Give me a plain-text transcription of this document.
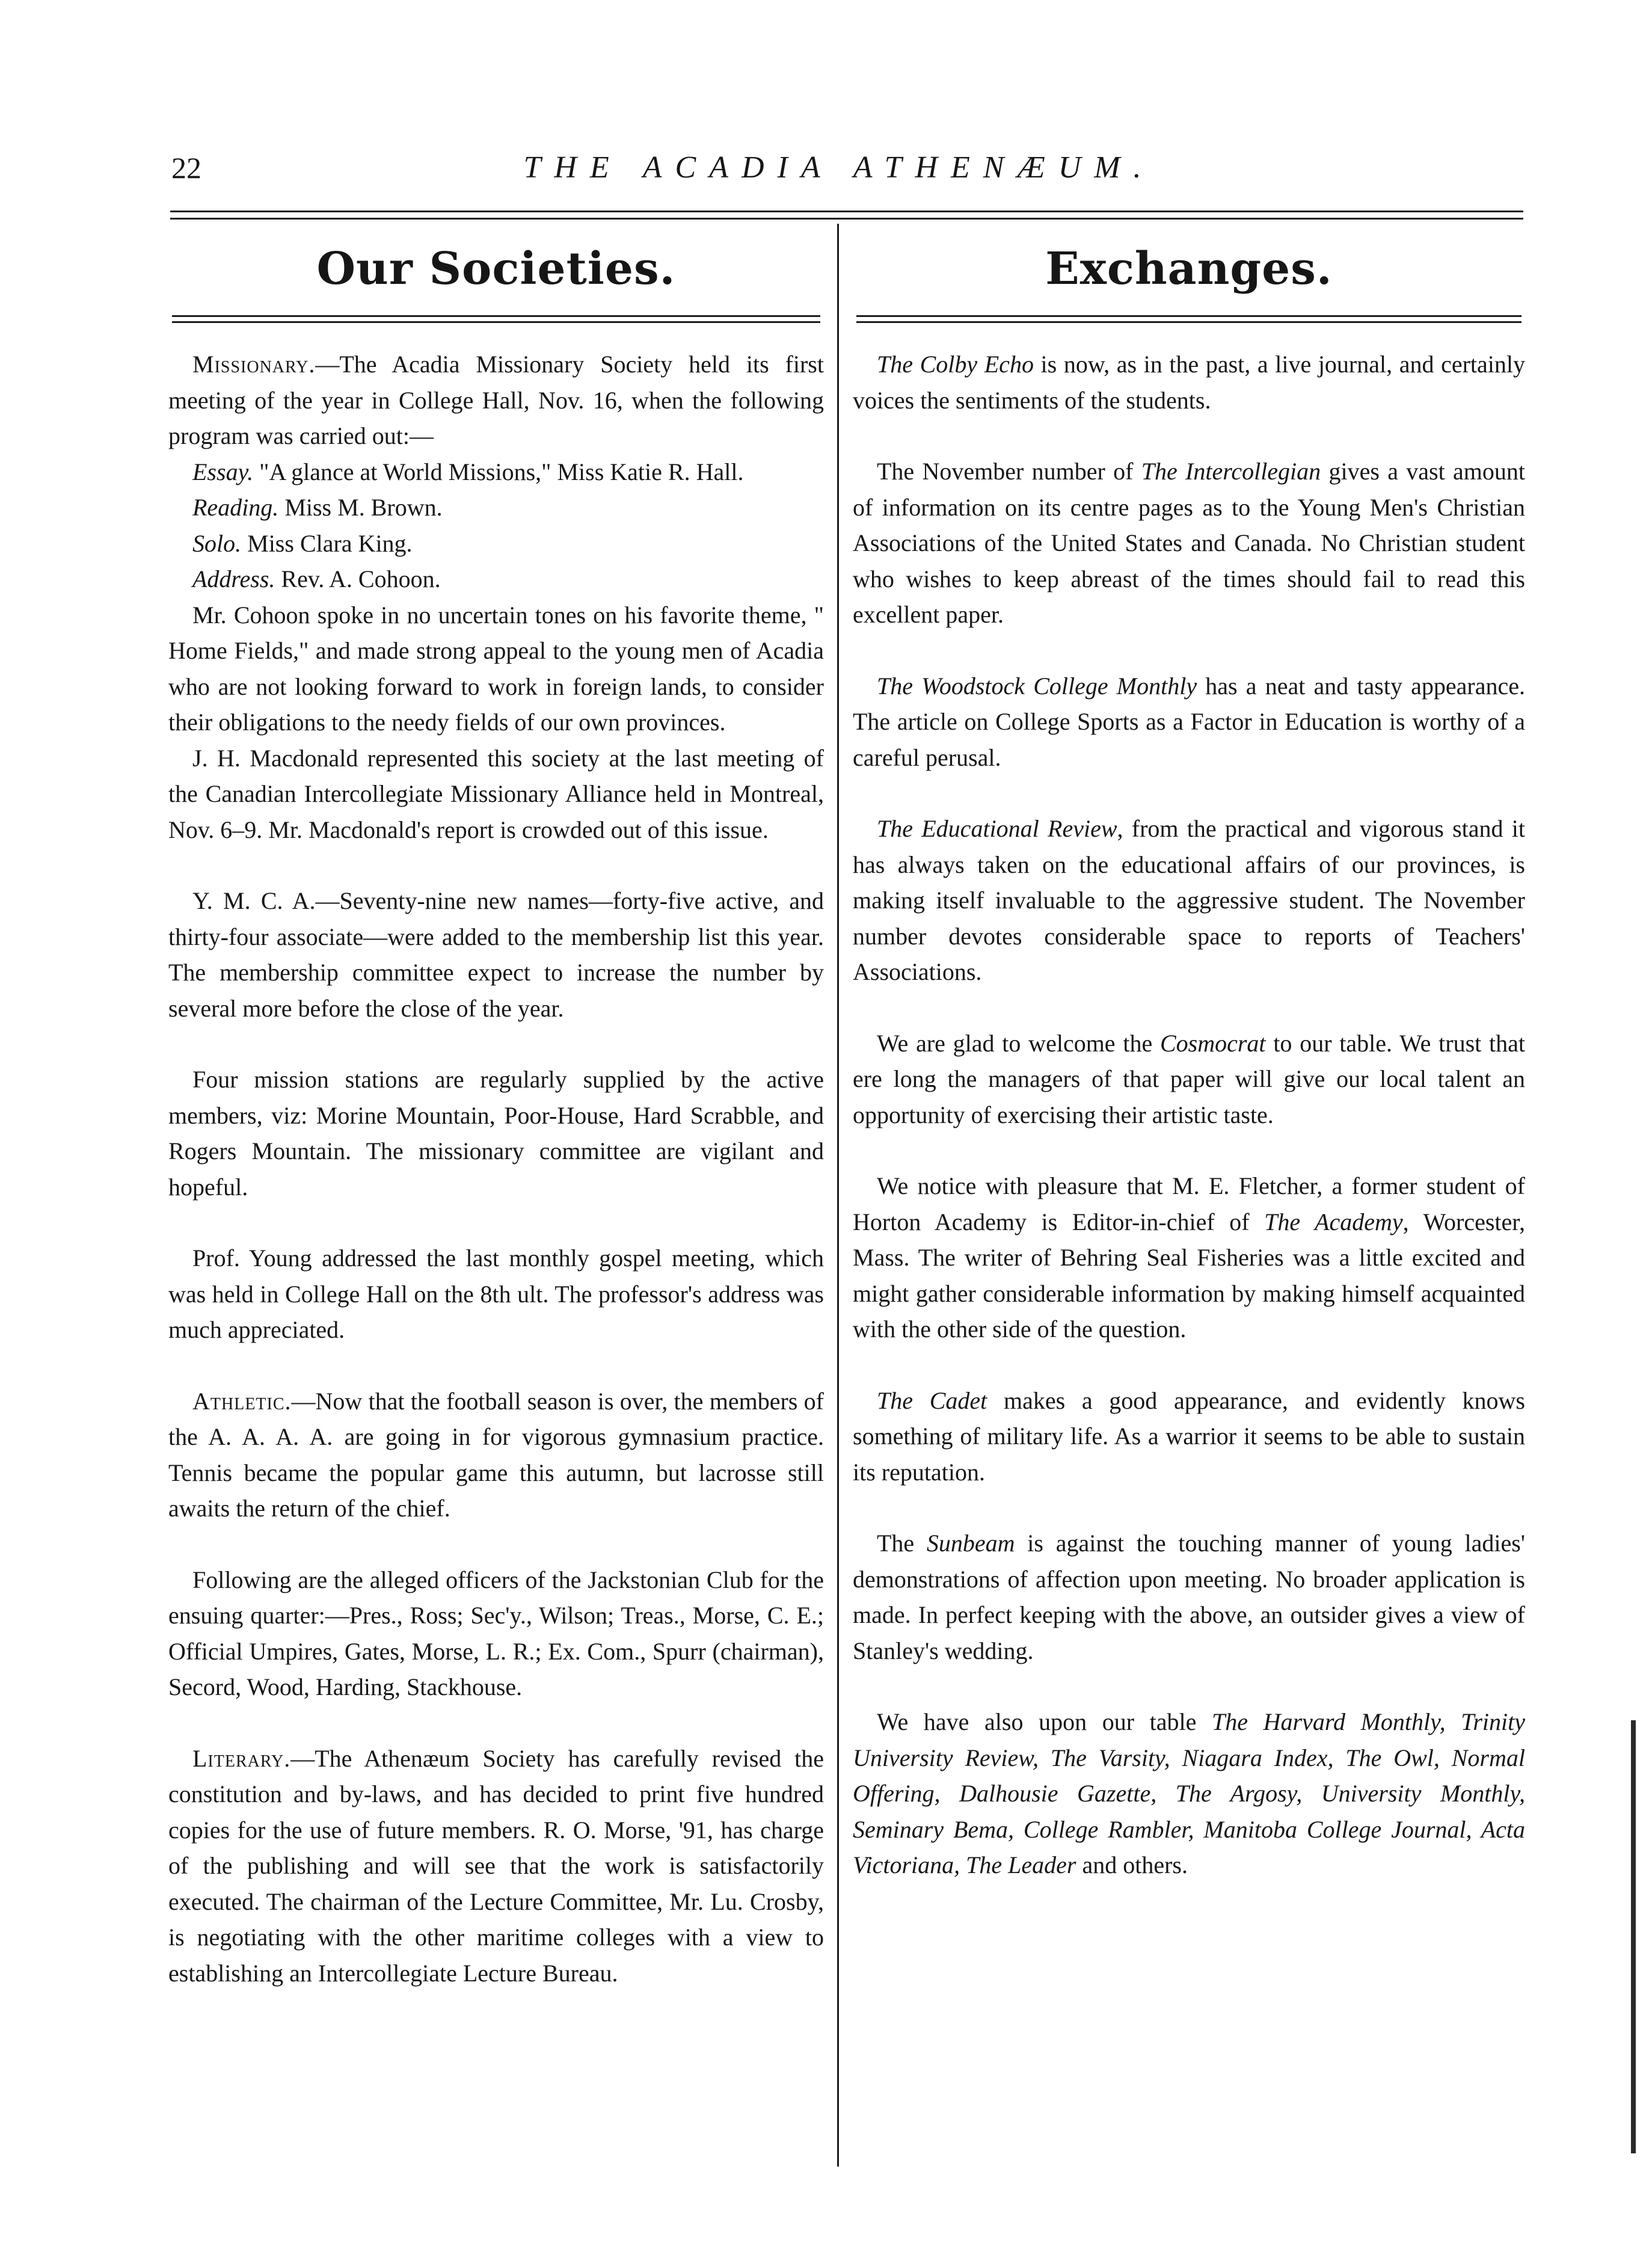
22	THE ACADIA ATHENÆUM.
Our Societies.

Missionary.—The Acadia Missionary Society held its first meeting of the year in College Hall, Nov. 16, when the following program was carried out:—

Essay. "A glance at World Missions," Miss Katie R. Hall.
Reading. Miss M. Brown.
Solo. Miss Clara King.
Address. Rev. A. Cohoon.

Mr. Cohoon spoke in no uncertain tones on his favorite theme, " Home Fields," and made strong appeal to the young men of Acadia who are not looking forward to work in foreign lands, to consider their obligations to the needy fields of our own provinces.

J. H. Macdonald represented this society at the last meeting of the Canadian Intercollegiate Missionary Alliance held in Montreal, Nov. 6–9. Mr. Macdonald's report is crowded out of this issue.

Y. M. C. A.—Seventy-nine new names—forty-five active, and thirty-four associate—were added to the membership list this year. The membership committee expect to increase the number by several more before the close of the year.

Four mission stations are regularly supplied by the active members, viz: Morine Mountain, Poor-House, Hard Scrabble, and Rogers Mountain. The missionary committee are vigilant and hopeful.

Prof. Young addressed the last monthly gospel meeting, which was held in College Hall on the 8th ult. The professor's address was much appreciated.

Athletic.—Now that the football season is over, the members of the A. A. A. A. are going in for vigorous gymnasium practice. Tennis became the popular game this autumn, but lacrosse still awaits the return of the chief.

Following are the alleged officers of the Jackstonian Club for the ensuing quarter:—Pres., Ross; Sec'y., Wilson; Treas., Morse, C. E.; Official Umpires, Gates, Morse, L. R.; Ex. Com., Spurr (chairman), Secord, Wood, Harding, Stackhouse.

Literary.—The Athenæum Society has carefully revised the constitution and by-laws, and has decided to print five hundred copies for the use of future members. R. O. Morse, '91, has charge of the publishing and will see that the work is satisfactorily executed. The chairman of the Lecture Committee, Mr. Lu. Crosby, is negotiating with the other maritime colleges with a view to establishing an Intercollegiate Lecture Bureau.

Exchanges.

The Colby Echo is now, as in the past, a live journal, and certainly voices the sentiments of the students.

The November number of The Intercollegian gives a vast amount of information on its centre pages as to the Young Men's Christian Associations of the United States and Canada. No Christian student who wishes to keep abreast of the times should fail to read this excellent paper.

The Woodstock College Monthly has a neat and tasty appearance. The article on College Sports as a Factor in Education is worthy of a careful perusal.

The Educational Review, from the practical and vigorous stand it has always taken on the educational affairs of our provinces, is making itself invaluable to the aggressive student. The November number devotes considerable space to reports of Teachers' Associations.

We are glad to welcome the Cosmocrat to our table. We trust that ere long the managers of that paper will give our local talent an opportunity of exercising their artistic taste.

We notice with pleasure that M. E. Fletcher, a former student of Horton Academy is Editor-in-chief of The Academy, Worcester, Mass. The writer of Behring Seal Fisheries was a little excited and might gather considerable information by making himself acquainted with the other side of the question.

The Cadet makes a good appearance, and evidently knows something of military life. As a warrior it seems to be able to sustain its reputation.

The Sunbeam is against the touching manner of young ladies' demonstrations of affection upon meeting. No broader application is made. In perfect keeping with the above, an outsider gives a view of Stanley's wedding.

We have also upon our table The Harvard Monthly, Trinity University Review, The Varsity, Niagara Index, The Owl, Normal Offering, Dalhousie Gazette, The Argosy, University Monthly, Seminary Bema, College Rambler, Manitoba College Journal, Acta Victoriana, The Leader and others.
